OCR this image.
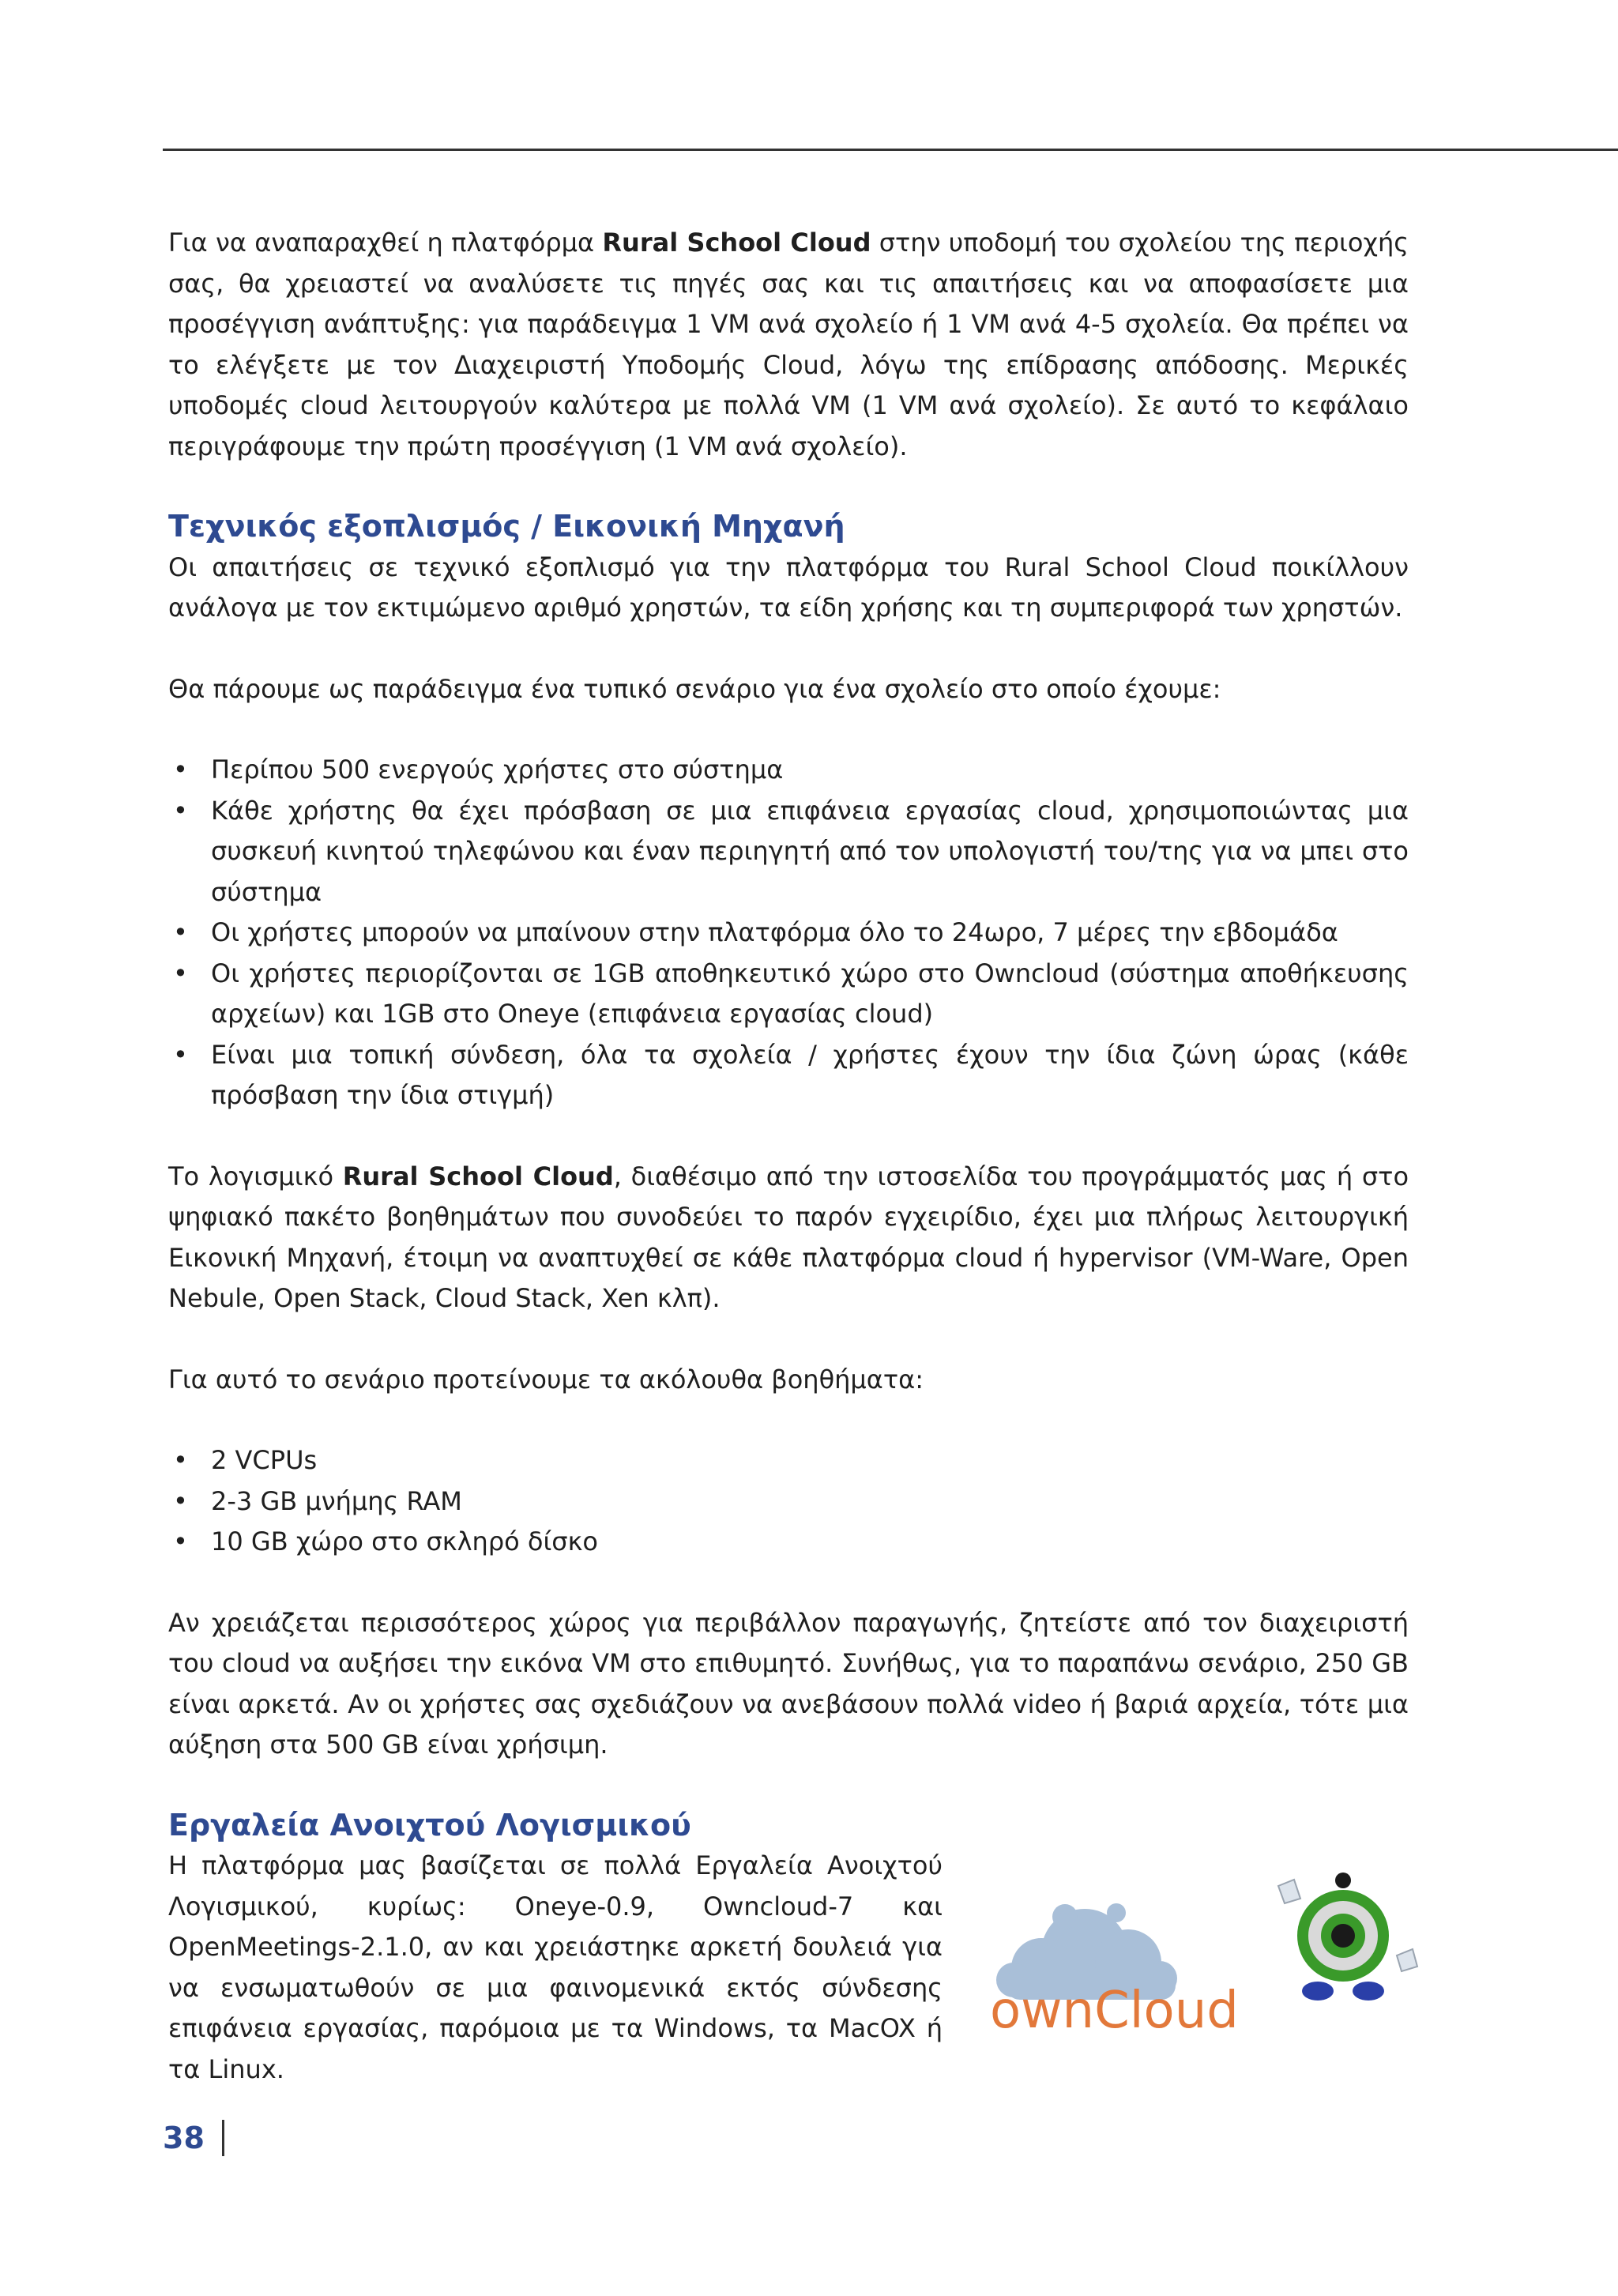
Για να αναπαραχθεί η πλατφόρμα Rural School Cloud στην υποδομή του σχολείου της περιοχής σας, θα χρειαστεί να αναλύσετε τις πηγές σας και τις απαιτήσεις και να αποφασίσετε μια προσέγγιση ανάπτυξης: για παράδειγμα 1 VM ανά σχολείο ή 1 VM ανά 4-5 σχολεία. Θα πρέπει να το ελέγξετε με τον Διαχειριστή Υποδομής Cloud, λόγω της επίδρασης απόδοσης. Μερικές υποδομές cloud λειτουργούν καλύτερα με πολλά VM (1 VM ανά σχολείο). Σε αυτό το κεφάλαιο περιγράφουμε την πρώτη προσέγγιση (1 VM ανά σχολείο).

Τεχνικός εξοπλισμός / Εικονική Μηχανή

Οι απαιτήσεις σε τεχνικό εξοπλισμό για την πλατφόρμα του Rural School Cloud ποικίλλουν ανάλογα με τον εκτιμώμενο αριθμό χρηστών, τα είδη χρήσης και τη συμπεριφορά των χρηστών.

Θα πάρουμε ως παράδειγμα ένα τυπικό σενάριο για ένα σχολείο στο οποίο έχουμε:

• Περίπου 500 ενεργούς χρήστες στο σύστημα
• Κάθε χρήστης θα έχει πρόσβαση σε μια επιφάνεια εργασίας cloud, χρησιμοποιώντας μια συσκευή κινητού τηλεφώνου και έναν περιηγητή από τον υπολογιστή του/της για να μπει στο σύστημα
• Οι χρήστες μπορούν να μπαίνουν στην πλατφόρμα όλο το 24ωρο, 7 μέρες την εβδομάδα
• Οι χρήστες περιορίζονται σε 1GB αποθηκευτικό χώρο στο Owncloud (σύστημα αποθήκευσης αρχείων) και 1GB στο Oneye (επιφάνεια εργασίας cloud)
• Είναι μια τοπική σύνδεση, όλα τα σχολεία / χρήστες έχουν την ίδια ζώνη ώρας (κάθε πρόσβαση την ίδια στιγμή)

Το λογισμικό Rural School Cloud, διαθέσιμο από την ιστοσελίδα του προγράμματός μας ή στο ψηφιακό πακέτο βοηθημάτων που συνοδεύει το παρόν εγχειρίδιο, έχει μια πλήρως λειτουργική Εικονική Μηχανή, έτοιμη να αναπτυχθεί σε κάθε πλατφόρμα cloud ή hypervisor (VM-Ware, Open Nebule, Open Stack, Cloud Stack, Xen κλπ).

Για αυτό το σενάριο προτείνουμε τα ακόλουθα βοηθήματα:

• 2 VCPUs
• 2-3 GB μνήμης RAM
• 10 GB χώρο στο σκληρό δίσκο

Αν χρειάζεται περισσότερος χώρος για περιβάλλον παραγωγής, ζητείστε από τον διαχειριστή του cloud να αυξήσει την εικόνα VM στο επιθυμητό. Συνήθως, για το παραπάνω σενάριο, 250 GB είναι αρκετά. Αν οι χρήστες σας σχεδιάζουν να ανεβάσουν πολλά video ή βαριά αρχεία, τότε μια αύξηση στα 500 GB είναι χρήσιμη.

Εργαλεία Ανοιχτού Λογισμικού

Η πλατφόρμα μας βασίζεται σε πολλά Εργαλεία Ανοιχτού Λογισμικού, κυρίως: Oneye-0.9, Owncloud-7 και OpenMeetings-2.1.0, αν και χρειάστηκε αρκετή δουλειά για να ενσωματωθούν σε μια φαινομενικά εκτός σύνδεσης επιφάνεια εργασίας, παρόμοια με τα Windows, τα MacOX ή τα Linux.

ownCloud
38
